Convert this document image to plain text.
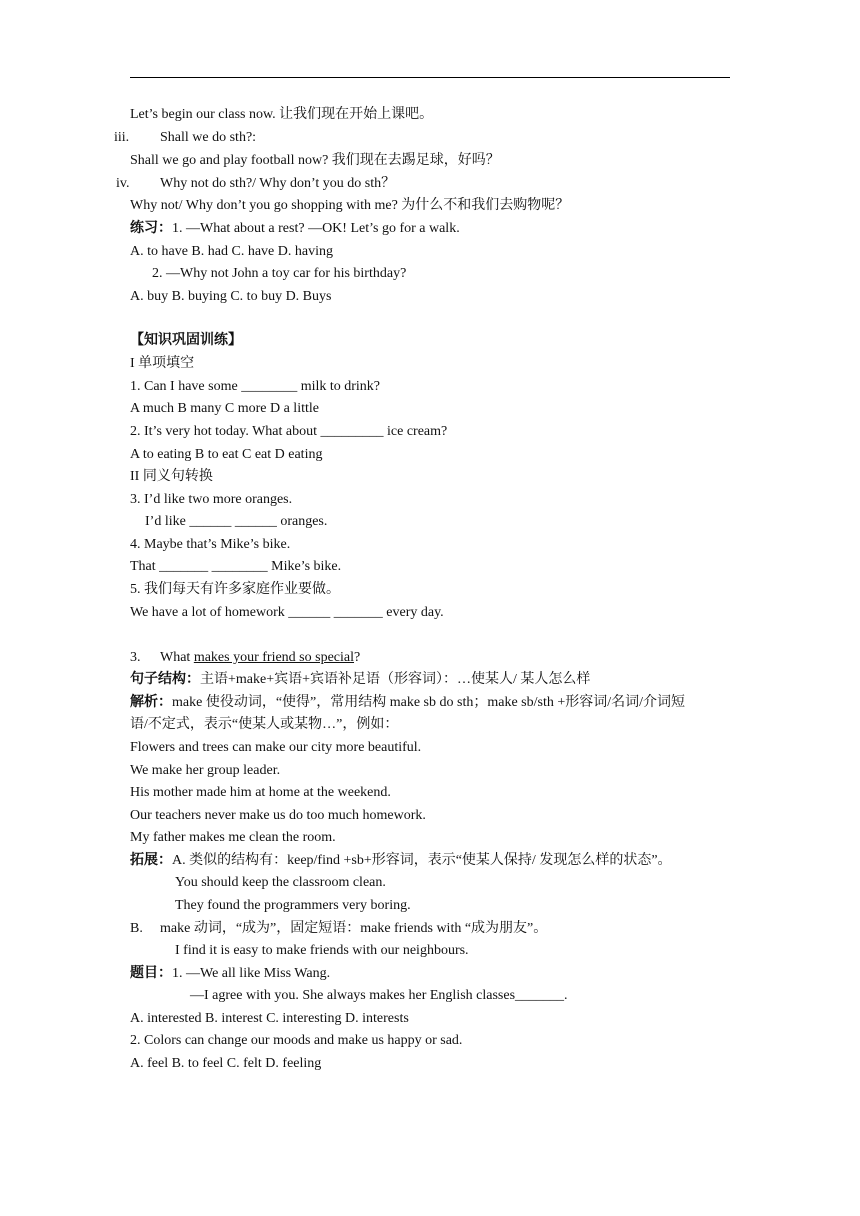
Let’s begin our class now. 让我们现在开始上课吧。
iii. Shall we do sth?:
Shall we go and play football now? 我们现在去踢足球，好吗？
iv. Why not do sth?/ Why don’t you do sth？
Why not/ Why don’t you go shopping with me? 为什么不和我们去购物呢？
练习：1. —What about a rest? —OK! Let’s go for a walk.
A. to have B. had C. have D. having
2. —Why not John a toy car for his birthday?
A. buy B. buying C. to buy D. Buys
【知识巩固训练】
I 单项填空
1. Can I have some ________ milk to drink?
A much B many C more D a little
2. It’s very hot today. What about _________ ice cream?
A to eating B to eat C eat D eating
II 同义句转换
3. I’d like two more oranges.
I’d like ______ ______ oranges.
4. Maybe that’s Mike’s bike.
That _______ ________ Mike’s bike.
5. 我们每天有许多家庭作业要做。
We have a lot of homework ______ _______ every day.
3. What makes your friend so special?
句子结构：主语+make+宾语+宾语补足语（形容词）：…使某人/ 某人怎么样
解析：make 使役动词，“使得”，常用结构 make sb do sth；make sb/sth +形容词/名词/介词短
语/不定式，表示“使某人或某物…”，例如：
Flowers and trees can make our city more beautiful.
We make her group leader.
His mother made him at home at the weekend.
Our teachers never make us do too much homework.
My father makes me clean the room.
拓展：A. 类似的结构有：keep/find +sb+形容词，表示“使某人保持/ 发现怎么样的状态”。
You should keep the classroom clean.
They found the programmers very boring.
B. make 动词，“成为”，固定短语：make friends with “成为朋友”。
I find it is easy to make friends with our neighbours.
题目：1. —We all like Miss Wang.
—I agree with you. She always makes her English classes_______.
A. interested B. interest C. interesting D. interests
2. Colors can change our moods and make us happy or sad.
A. feel B. to feel C. felt D. feeling
